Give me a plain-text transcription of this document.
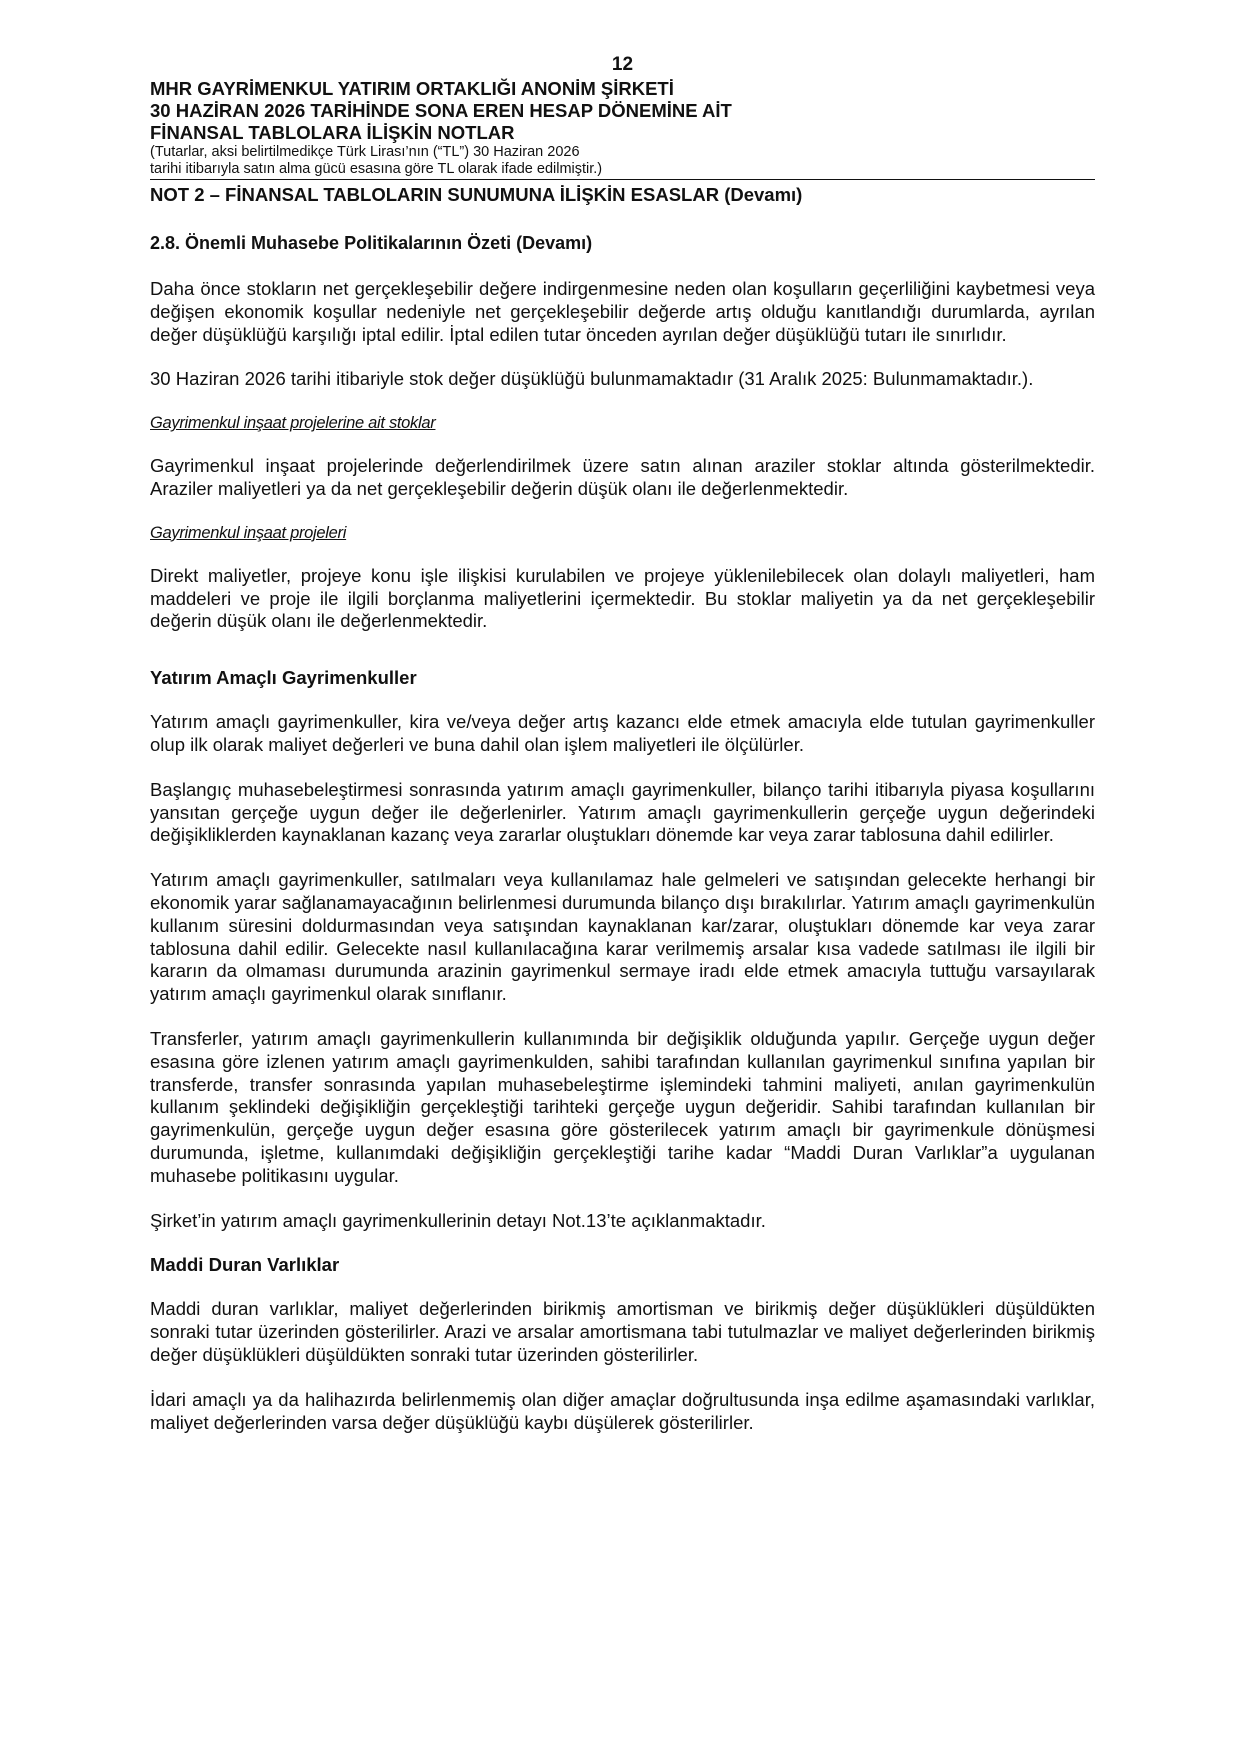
12
MHR GAYRİMENKUL YATIRIM ORTAKLIĞI ANONİM ŞİRKETİ
30 HAZİRAN 2026 TARİHİNDE SONA EREN HESAP DÖNEMİNE AİT
FİNANSAL TABLOLARA İLİŞKİN NOTLAR
(Tutarlar, aksi belirtilmedikçe Türk Lirası’nın (“TL”) 30 Haziran 2026
tarihi itibarıyla satın alma gücü esasına göre TL olarak ifade edilmiştir.)
NOT 2 – FİNANSAL TABLOLARIN SUNUMUNA İLİŞKİN ESASLAR (Devamı)
2.8. Önemli Muhasebe Politikalarının Özeti (Devamı)

Daha önce stokların net gerçekleşebilir değere indirgenmesine neden olan koşulların geçerliliğini kaybetmesi veya değişen ekonomik koşullar nedeniyle net gerçekleşebilir değerde artış olduğu kanıtlandığı durumlarda, ayrılan değer düşüklüğü karşılığı iptal edilir. İptal edilen tutar önceden ayrılan değer düşüklüğü tutarı ile sınırlıdır.

30 Haziran 2026 tarihi itibariyle stok değer düşüklüğü bulunmamaktadır (31 Aralık 2025: Bulunmamaktadır.).

Gayrimenkul inşaat projelerine ait stoklar

Gayrimenkul inşaat projelerinde değerlendirilmek üzere satın alınan araziler stoklar altında gösterilmektedir. Araziler maliyetleri ya da net gerçekleşebilir değerin düşük olanı ile değerlenmektedir.

Gayrimenkul inşaat projeleri

Direkt maliyetler, projeye konu işle ilişkisi kurulabilen ve projeye yüklenilebilecek olan dolaylı maliyetleri, ham maddeleri ve proje ile ilgili borçlanma maliyetlerini içermektedir. Bu stoklar maliyetin ya da net gerçekleşebilir değerin düşük olanı ile değerlenmektedir.

Yatırım Amaçlı Gayrimenkuller

Yatırım amaçlı gayrimenkuller, kira ve/veya değer artış kazancı elde etmek amacıyla elde tutulan gayrimenkuller olup ilk olarak maliyet değerleri ve buna dahil olan işlem maliyetleri ile ölçülürler.

Başlangıç muhasebeleştirmesi sonrasında yatırım amaçlı gayrimenkuller, bilanço tarihi itibarıyla piyasa koşullarını yansıtan gerçeğe uygun değer ile değerlenirler. Yatırım amaçlı gayrimenkullerin gerçeğe uygun değerindeki değişikliklerden kaynaklanan kazanç veya zararlar oluştukları dönemde kar veya zarar tablosuna dahil edilirler.

Yatırım amaçlı gayrimenkuller, satılmaları veya kullanılamaz hale gelmeleri ve satışından gelecekte herhangi bir ekonomik yarar sağlanamayacağının belirlenmesi durumunda bilanço dışı bırakılırlar. Yatırım amaçlı gayrimenkulün kullanım süresini doldurmasından veya satışından kaynaklanan kar/zarar, oluştukları dönemde kar veya zarar tablosuna dahil edilir. Gelecekte nasıl kullanılacağına karar verilmemiş arsalar kısa vadede satılması ile ilgili bir kararın da olmaması durumunda arazinin gayrimenkul sermaye iradı elde etmek amacıyla tuttuğu varsayılarak yatırım amaçlı gayrimenkul olarak sınıflanır.

Transferler, yatırım amaçlı gayrimenkullerin kullanımında bir değişiklik olduğunda yapılır. Gerçeğe uygun değer esasına göre izlenen yatırım amaçlı gayrimenkulden, sahibi tarafından kullanılan gayrimenkul sınıfına yapılan bir transferde, transfer sonrasında yapılan muhasebeleştirme işlemindeki tahmini maliyeti, anılan gayrimenkulün kullanım şeklindeki değişikliğin gerçekleştiği tarihteki gerçeğe uygun değeridir. Sahibi tarafından kullanılan bir gayrimenkulün, gerçeğe uygun değer esasına göre gösterilecek yatırım amaçlı bir gayrimenkule dönüşmesi durumunda, işletme, kullanımdaki değişikliğin gerçekleştiği tarihe kadar “Maddi Duran Varlıklar”a uygulanan muhasebe politikasını uygular.

Şirket’in yatırım amaçlı gayrimenkullerinin detayı Not.13’te açıklanmaktadır.

Maddi Duran Varlıklar

Maddi duran varlıklar, maliyet değerlerinden birikmiş amortisman ve birikmiş değer düşüklükleri düşüldükten sonraki tutar üzerinden gösterilirler. Arazi ve arsalar amortismana tabi tutulmazlar ve maliyet değerlerinden birikmiş değer düşüklükleri düşüldükten sonraki tutar üzerinden gösterilirler.

İdari amaçlı ya da halihazırda belirlenmemiş olan diğer amaçlar doğrultusunda inşa edilme aşamasındaki varlıklar, maliyet değerlerinden varsa değer düşüklüğü kaybı düşülerek gösterilirler.
